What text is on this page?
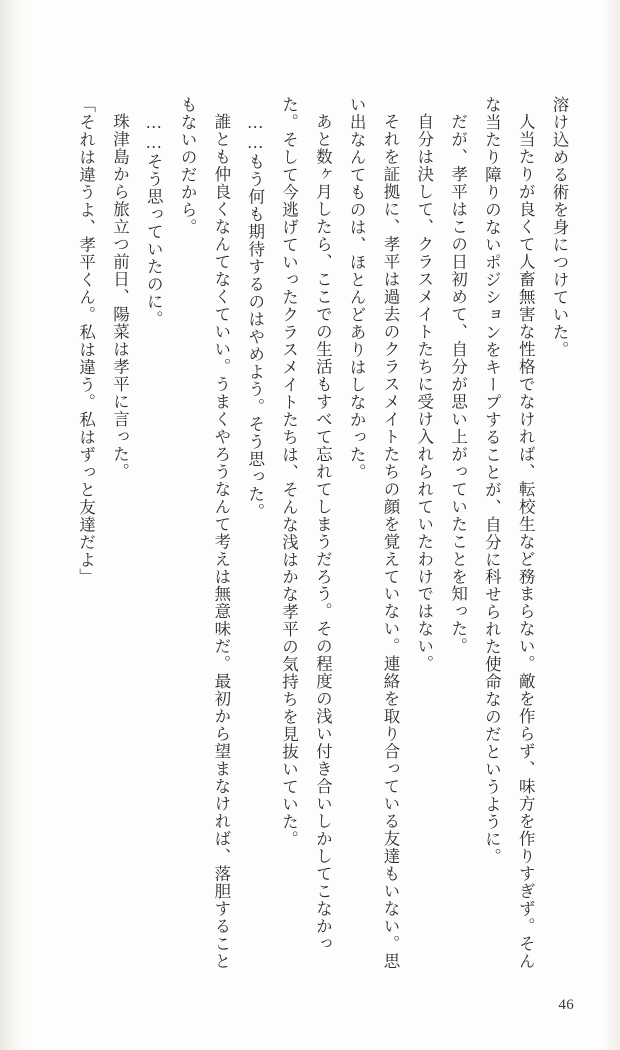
溶け込める術を身につけていた。

人当たりが良くて人畜無害な性格でなければ、転校生など務まらない。敵を作らず、味方を作りすぎず。そんな当たり障りのないポジションをキープすることが、自分に科せられた使命なのだというように。

だが、孝平はこの日初めて、自分が思い上がっていたことを知った。

自分は決して、クラスメイトたちに受け入れられていたわけではない。

それを証拠に、孝平は過去のクラスメイトたちの顔を覚えていない。連絡を取り合っている友達もいない。思い出なんてものは、ほとんどありはしなかった。

あと数ヶ月したら、ここでの生活もすべて忘れてしまうだろう。その程度の浅い付き合いしかしてこなかった。そして今逃げていったクラスメイトたちは、そんな浅はかな孝平の気持ちを見抜いていた。

……もう何も期待するのはやめよう。そう思った。

誰とも仲良くなんてなくていい。うまくやろうなんて考えは無意味だ。最初から望まなければ、落胆することもないのだから。

……そう思っていたのに。

珠津島から旅立つ前日、陽菜は孝平に言った。

「それは違うよ、孝平くん。私は違う。私はずっと友達だよ」

46
